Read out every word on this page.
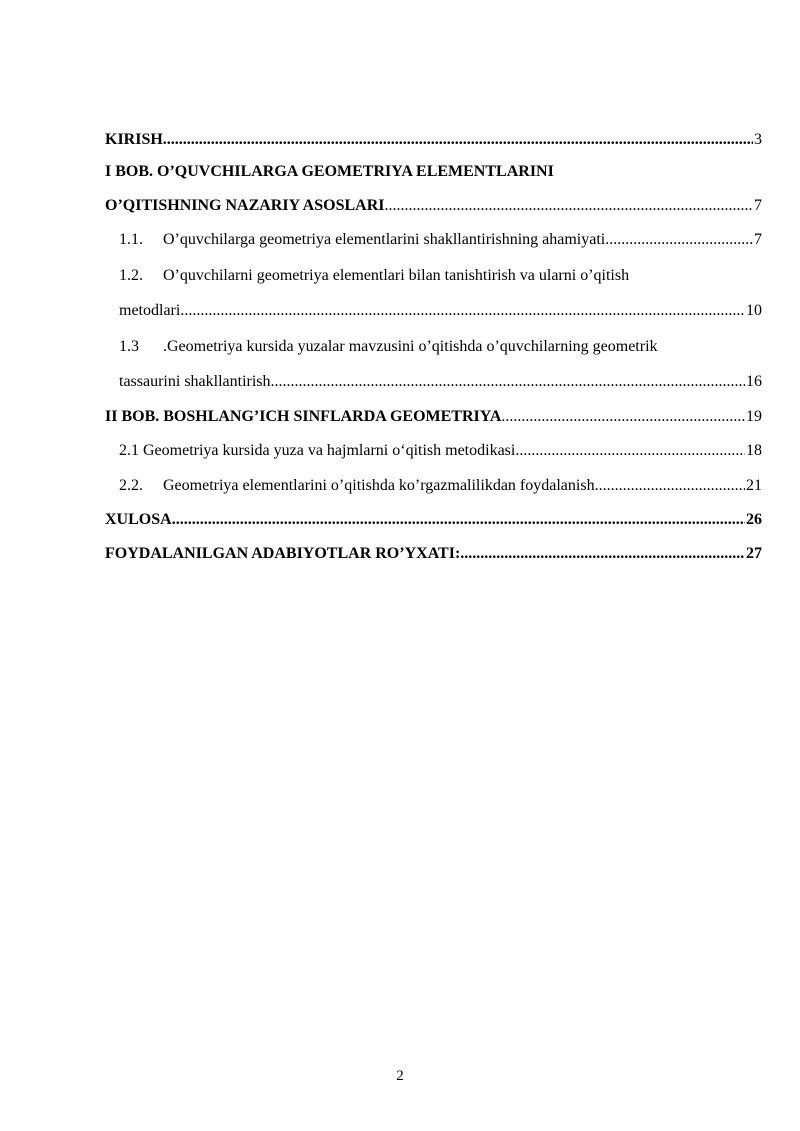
KIRISH .....	3
I BOB. O’QUVCHILARGA GEOMETRIYA ELEMENTLARINI
O’QITISHNING NAZARIY ASOSLARI .....	7
1.1. O’quvchilarga geometriya elementlarini shakllantirishning ahamiyati .....	7
1.2. O’quvchilarni geometriya elementlari bilan tanishtirish va ularni o’qitish
metodlari .....	10
1.3 .Geometriya kursida yuzalar mavzusini o’qitishda o’quvchilarning geometrik
tassaurini shakllantirish .....	16
II BOB. BOSHLANG’ICH SINFLARDA GEOMETRIYA .....	19
2.1 Geometriya kursida yuza va hajmlarni o‘qitish metodikasi .....	18
2.2. Geometriya elementlarini o’qitishda ko’rgazmalilikdan foydalanish .....	21
XULOSA .....	26
FOYDALANILGAN ADABIYOTLAR RO’YXATI: .....	27
2
